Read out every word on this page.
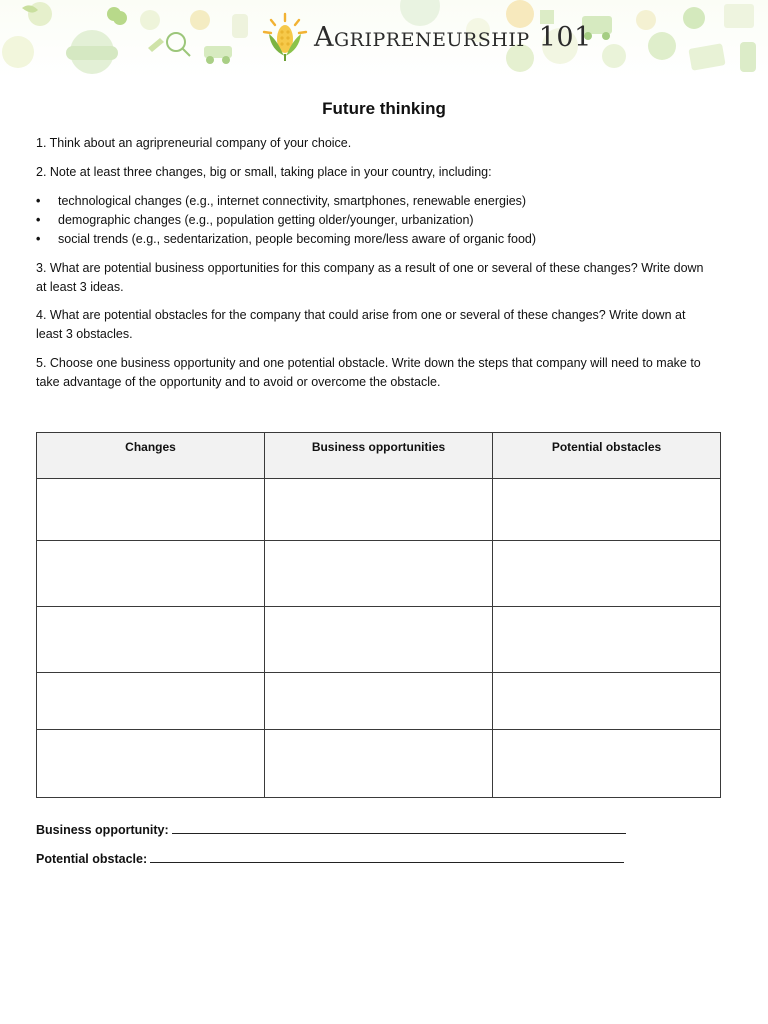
Agripreneurship 101
Future thinking

1. Think about an agripreneurial company of your choice.

2. Note at least three changes, big or small, taking place in your country, including:

•	technological changes (e.g., internet connectivity, smartphones, renewable energies)
•	demographic changes (e.g., population getting older/younger, urbanization)
•	social trends (e.g., sedentarization, people becoming more/less aware of organic food)
3. What are potential business opportunities for this company as a result of one or several of these changes? Write down
at least 3 ideas.
4. What are potential obstacles for the company that could arise from one or several of these changes? Write down at
least 3 obstacles.
5. Choose one business opportunity and one potential obstacle. Write down the steps that company will need to make to
take advantage of the opportunity and to avoid or overcome the obstacle.
Changes	Business opportunities	Potential obstacles

Business opportunity:
Potential obstacle:
